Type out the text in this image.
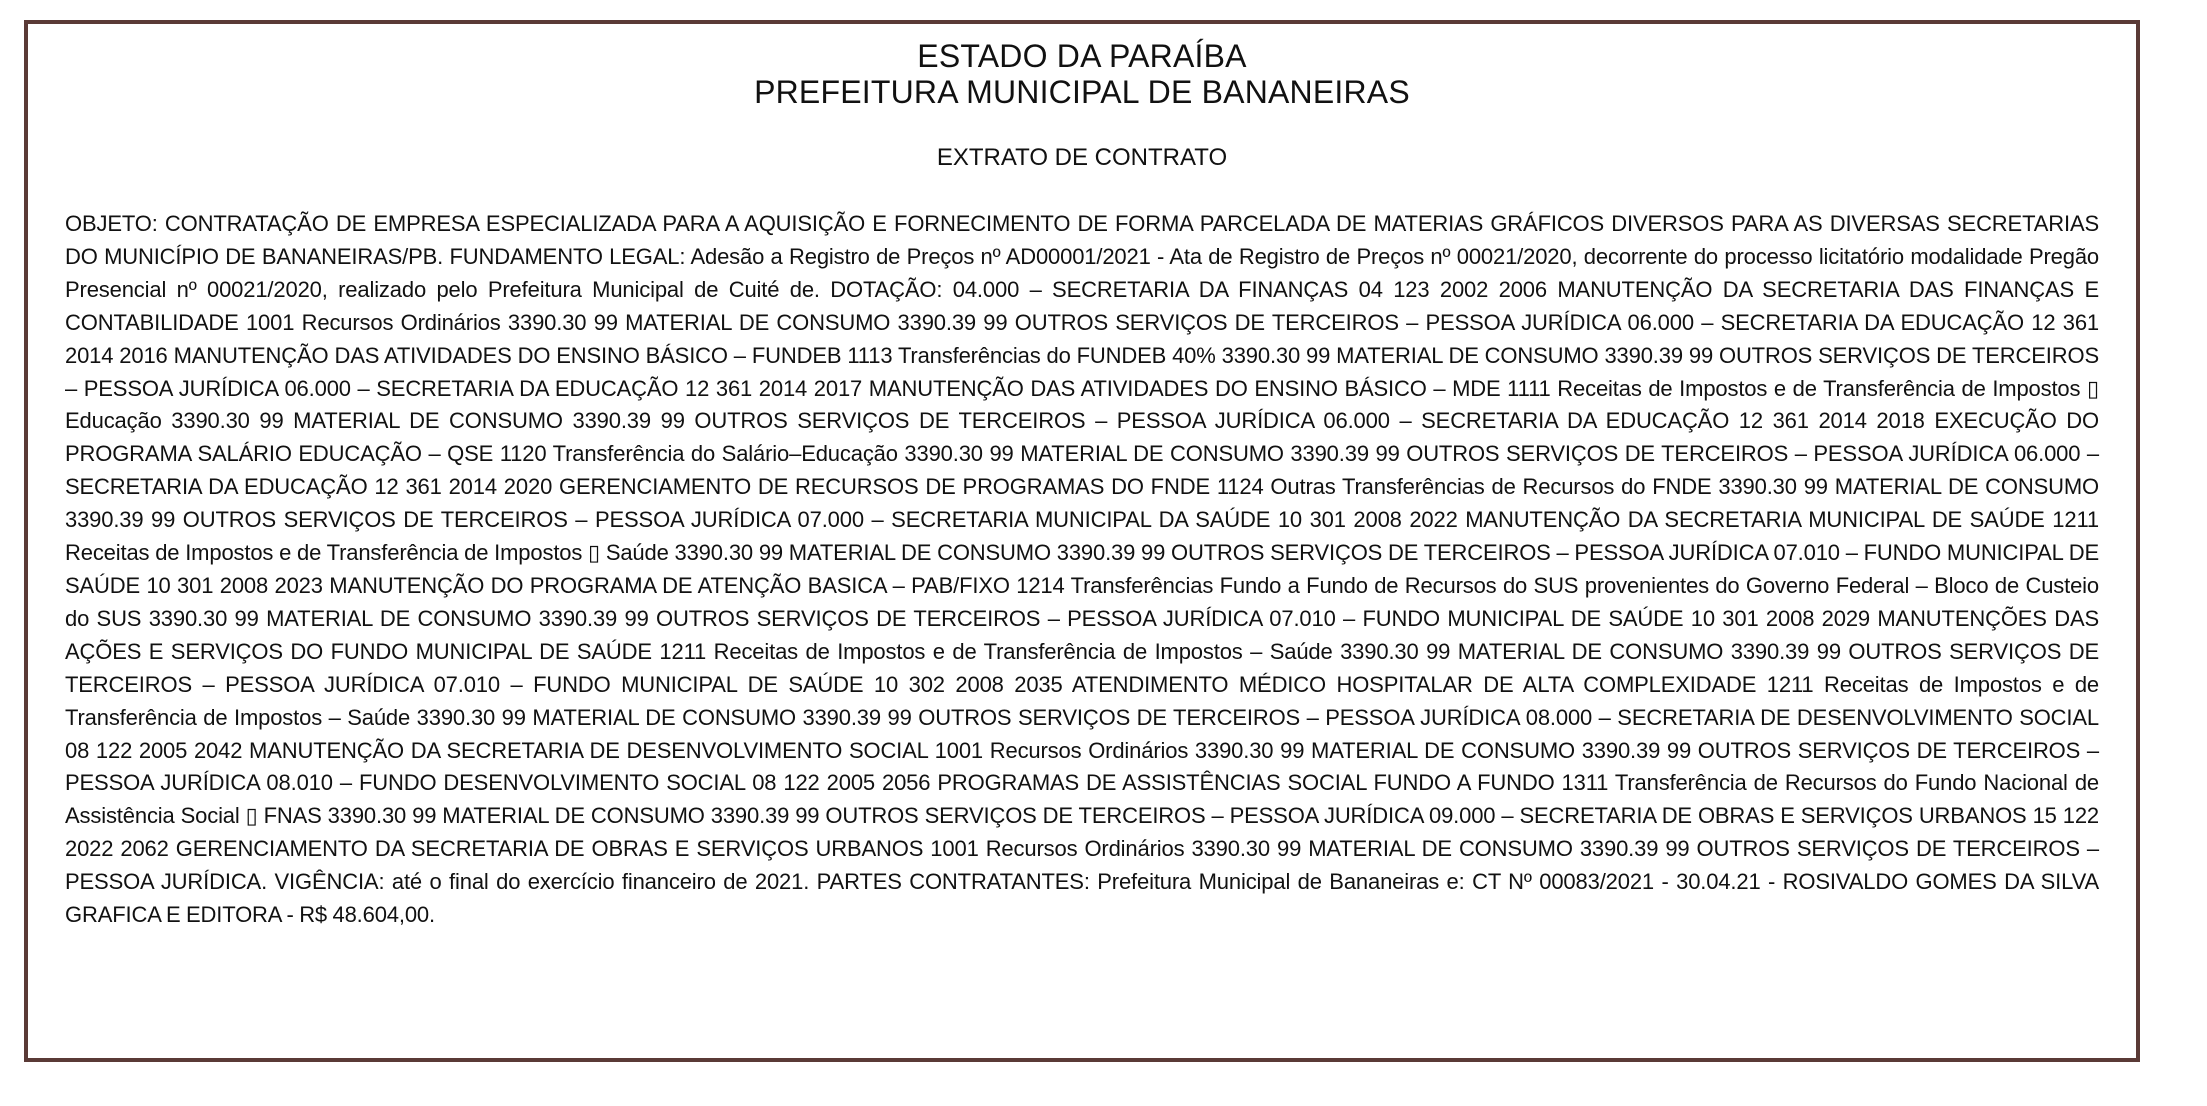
ESTADO DA PARAÍBA
PREFEITURA MUNICIPAL DE BANANEIRAS
EXTRATO DE CONTRATO
OBJETO: CONTRATAÇÃO DE EMPRESA ESPECIALIZADA PARA A AQUISIÇÃO E FORNECIMENTO DE FORMA PARCELADA DE MATERIAS GRÁFICOS DIVERSOS PARA AS DIVERSAS SECRETARIAS DO MUNICÍPIO DE BANANEIRAS/PB. FUNDAMENTO LEGAL: Adesão a Registro de Preços nº AD00001/2021 - Ata de Registro de Preços nº 00021/2020, decorrente do processo licitatório modalidade Pregão Presencial nº 00021/2020, realizado pelo Prefeitura Municipal de Cuité de. DOTAÇÃO: 04.000 – SECRETARIA DA FINANÇAS 04 123 2002 2006 MANUTENÇÃO DA SECRETARIA DAS FINANÇAS E CONTABILIDADE 1001 Recursos Ordinários 3390.30 99 MATERIAL DE CONSUMO 3390.39 99 OUTROS SERVIÇOS DE TERCEIROS – PESSOA JURÍDICA 06.000 – SECRETARIA DA EDUCAÇÃO 12 361 2014 2016 MANUTENÇÃO DAS ATIVIDADES DO ENSINO BÁSICO – FUNDEB 1113 Transferências do FUNDEB 40% 3390.30 99 MATERIAL DE CONSUMO 3390.39 99 OUTROS SERVIÇOS DE TERCEIROS – PESSOA JURÍDICA 06.000 – SECRETARIA DA EDUCAÇÃO 12 361 2014 2017 MANUTENÇÃO DAS ATIVIDADES DO ENSINO BÁSICO – MDE 1111 Receitas de Impostos e de Transferência de Impostos ▯ Educação 3390.30 99 MATERIAL DE CONSUMO 3390.39 99 OUTROS SERVIÇOS DE TERCEIROS – PESSOA JURÍDICA 06.000 – SECRETARIA DA EDUCAÇÃO 12 361 2014 2018 EXECUÇÃO DO PROGRAMA SALÁRIO EDUCAÇÃO – QSE 1120 Transferência do Salário–Educação 3390.30 99 MATERIAL DE CONSUMO 3390.39 99 OUTROS SERVIÇOS DE TERCEIROS – PESSOA JURÍDICA 06.000 – SECRETARIA DA EDUCAÇÃO 12 361 2014 2020 GERENCIAMENTO DE RECURSOS DE PROGRAMAS DO FNDE 1124 Outras Transferências de Recursos do FNDE 3390.30 99 MATERIAL DE CONSUMO 3390.39 99 OUTROS SERVIÇOS DE TERCEIROS – PESSOA JURÍDICA 07.000 – SECRETARIA MUNICIPAL DA SAÚDE 10 301 2008 2022 MANUTENÇÃO DA SECRETARIA MUNICIPAL DE SAÚDE 1211 Receitas de Impostos e de Transferência de Impostos ▯ Saúde 3390.30 99 MATERIAL DE CONSUMO 3390.39 99 OUTROS SERVIÇOS DE TERCEIROS – PESSOA JURÍDICA 07.010 – FUNDO MUNICIPAL DE SAÚDE 10 301 2008 2023 MANUTENÇÃO DO PROGRAMA DE ATENÇÃO BASICA – PAB/FIXO 1214 Transferências Fundo a Fundo de Recursos do SUS provenientes do Governo Federal – Bloco de Custeio do SUS 3390.30 99 MATERIAL DE CONSUMO 3390.39 99 OUTROS SERVIÇOS DE TERCEIROS – PESSOA JURÍDICA 07.010 – FUNDO MUNICIPAL DE SAÚDE 10 301 2008 2029 MANUTENÇÕES DAS AÇÕES E SERVIÇOS DO FUNDO MUNICIPAL DE SAÚDE 1211 Receitas de Impostos e de Transferência de Impostos – Saúde 3390.30 99 MATERIAL DE CONSUMO 3390.39 99 OUTROS SERVIÇOS DE TERCEIROS – PESSOA JURÍDICA 07.010 – FUNDO MUNICIPAL DE SAÚDE 10 302 2008 2035 ATENDIMENTO MÉDICO HOSPITALAR DE ALTA COMPLEXIDADE 1211 Receitas de Impostos e de Transferência de Impostos – Saúde 3390.30 99 MATERIAL DE CONSUMO 3390.39 99 OUTROS SERVIÇOS DE TERCEIROS – PESSOA JURÍDICA 08.000 – SECRETARIA DE DESENVOLVIMENTO SOCIAL 08 122 2005 2042 MANUTENÇÃO DA SECRETARIA DE DESENVOLVIMENTO SOCIAL 1001 Recursos Ordinários 3390.30 99 MATERIAL DE CONSUMO 3390.39 99 OUTROS SERVIÇOS DE TERCEIROS – PESSOA JURÍDICA 08.010 – FUNDO DESENVOLVIMENTO SOCIAL 08 122 2005 2056 PROGRAMAS DE ASSISTÊNCIAS SOCIAL FUNDO A FUNDO 1311 Transferência de Recursos do Fundo Nacional de Assistência Social ▯ FNAS 3390.30 99 MATERIAL DE CONSUMO 3390.39 99 OUTROS SERVIÇOS DE TERCEIROS – PESSOA JURÍDICA 09.000 – SECRETARIA DE OBRAS E SERVIÇOS URBANOS 15 122 2022 2062 GERENCIAMENTO DA SECRETARIA DE OBRAS E SERVIÇOS URBANOS 1001 Recursos Ordinários 3390.30 99 MATERIAL DE CONSUMO 3390.39 99 OUTROS SERVIÇOS DE TERCEIROS – PESSOA JURÍDICA. VIGÊNCIA: até o final do exercício financeiro de 2021. PARTES CONTRATANTES: Prefeitura Municipal de Bananeiras e: CT Nº 00083/2021 - 30.04.21 - ROSIVALDO GOMES DA SILVA GRAFICA E EDITORA - R$ 48.604,00.
